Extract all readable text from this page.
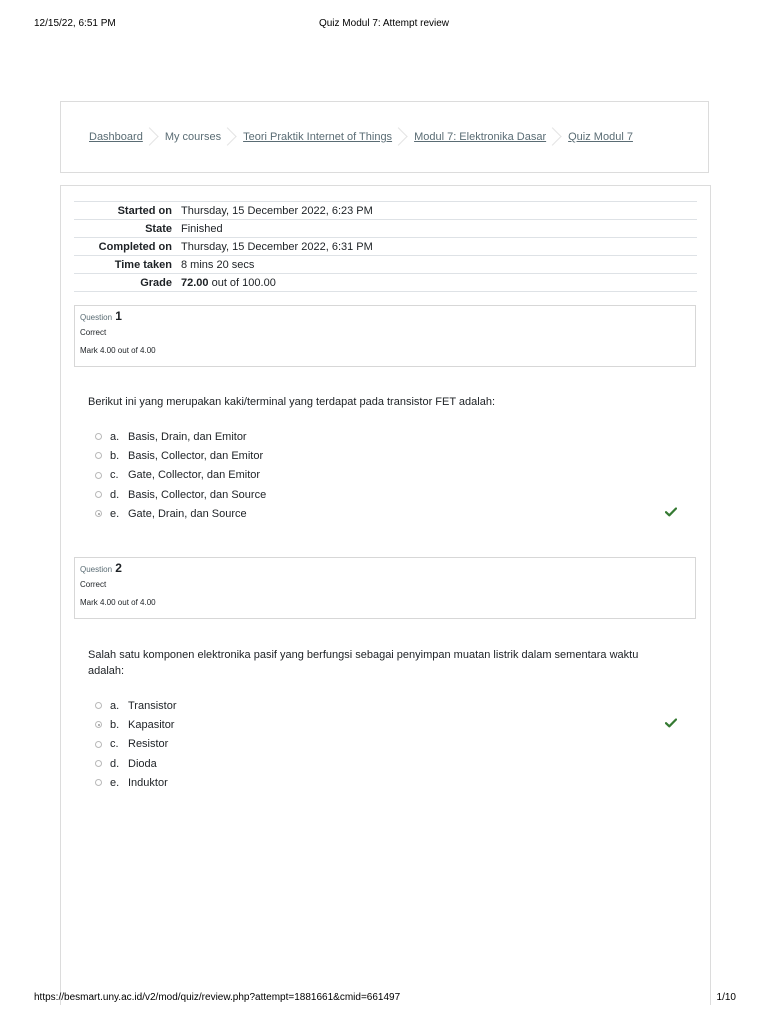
12/15/22, 6:51 PM	Quiz Modul 7: Attempt review
Dashboard My courses Teori Praktik Internet of Things Modul 7: Elektronika Dasar Quiz Modul 7
Started on	Thursday, 15 December 2022, 6:23 PM
State	Finished
Completed on	Thursday, 15 December 2022, 6:31 PM
Time taken	8 mins 20 secs
Grade	72.00 out of 100.00
Question 1
Correct
Mark 4.00 out of 4.00
Berikut ini yang merupakan kaki/terminal yang terdapat pada transistor FET adalah:
a. Basis, Drain, dan Emitor
b. Basis, Collector, dan Emitor
c. Gate, Collector, dan Emitor
d. Basis, Collector, dan Source
e. Gate, Drain, dan Source
Question 2
Correct
Mark 4.00 out of 4.00
Salah satu komponen elektronika pasif yang berfungsi sebagai penyimpan muatan listrik dalam sementara waktu adalah:
a. Transistor
b. Kapasitor
c. Resistor
d. Dioda
e. Induktor
https://besmart.uny.ac.id/v2/mod/quiz/review.php?attempt=1881661&cmid=661497	1/10
